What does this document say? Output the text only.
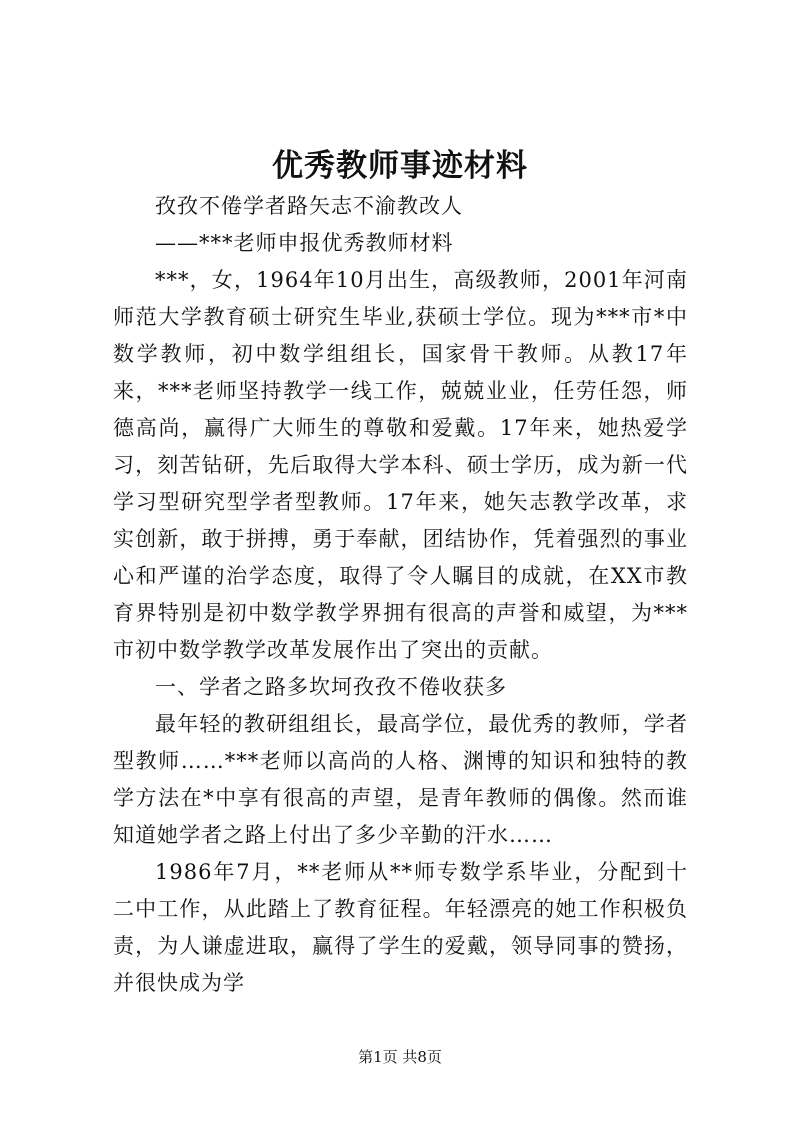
优秀教师事迹材料

孜孜不倦学者路矢志不渝教改人

——***老师申报优秀教师材料

***，女，1964年10月出生，高级教师，2001年河南师范大学教育硕士研究生毕业,获硕士学位。现为***市*中数学教师，初中数学组组长，国家骨干教师。从教17年来，***老师坚持教学一线工作，兢兢业业，任劳任怨，师德高尚，赢得广大师生的尊敬和爱戴。17年来，她热爱学习，刻苦钻研，先后取得大学本科、硕士学历，成为新一代学习型研究型学者型教师。17年来，她矢志教学改革，求实创新，敢于拼搏，勇于奉献，团结协作，凭着强烈的事业心和严谨的治学态度，取得了令人瞩目的成就，在XX市教育界特别是初中数学教学界拥有很高的声誉和威望，为***市初中数学教学改革发展作出了突出的贡献。

一、学者之路多坎坷孜孜不倦收获多

最年轻的教研组组长，最高学位，最优秀的教师，学者型教师……***老师以高尚的人格、渊博的知识和独特的教学方法在*中享有很高的声望，是青年教师的偶像。然而谁知道她学者之路上付出了多少辛勤的汗水……

1986年7月，**老师从**师专数学系毕业，分配到十二中工作，从此踏上了教育征程。年轻漂亮的她工作积极负责，为人谦虚进取，赢得了学生的爱戴，领导同事的赞扬，并很快成为学

第1页 共8页
